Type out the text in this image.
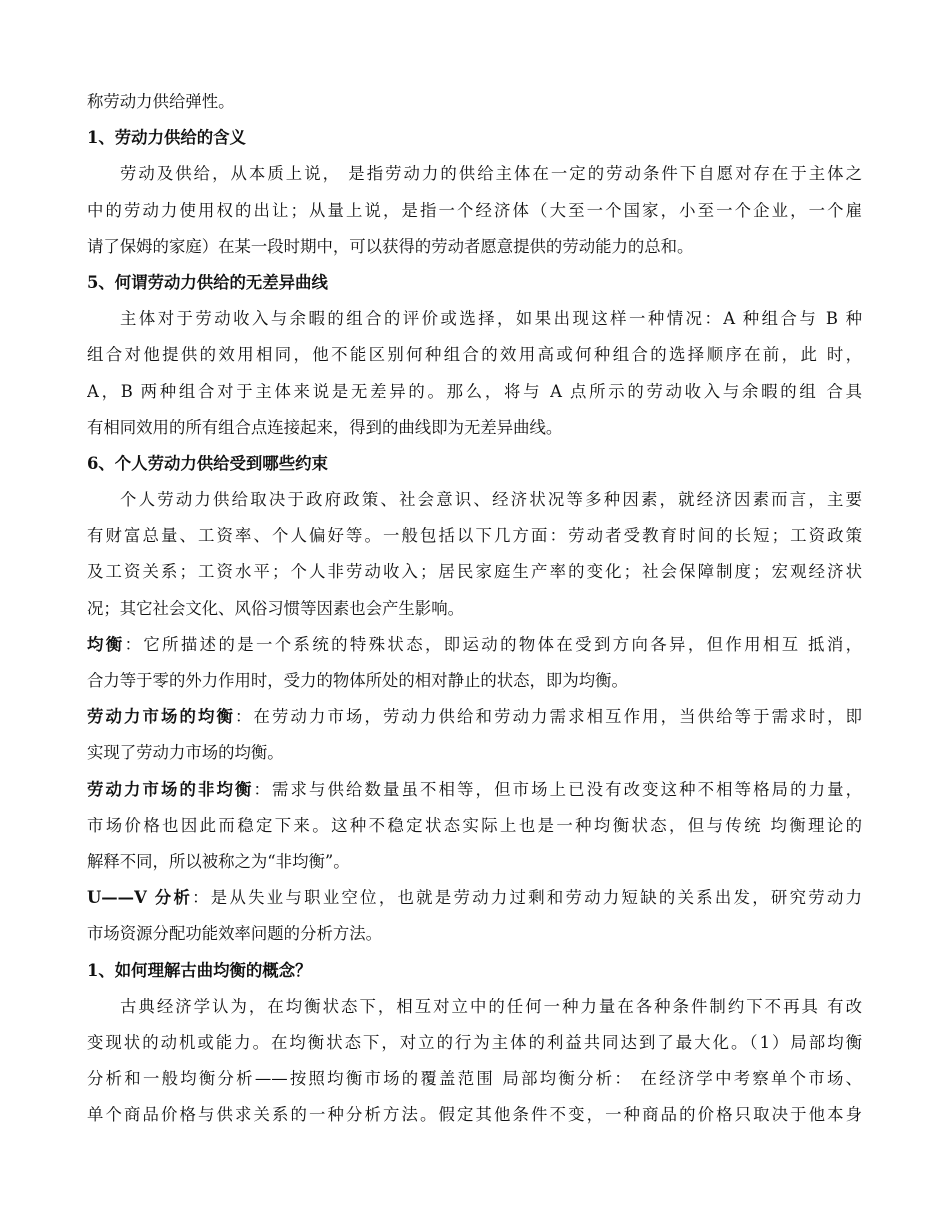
称劳动力供给弹性。
1、劳动力供给的含义
劳动及供给，从本质上说， 是指劳动力的供给主体在一定的劳动条件下自愿对存在于主体之
中的劳动力使用权的出让；从量上说，是指一个经济体（大至一个国家，小至一个企业，一个雇
请了保姆的家庭）在某一段时期中，可以获得的劳动者愿意提供的劳动能力的总和。
5、何谓劳动力供给的无差异曲线
主体对于劳动收入与余暇的组合的评价或选择，如果出现这样一种情况：A 种组合与 B 种
组合对他提供的效用相同，他不能区别何种组合的效用高或何种组合的选择顺序在前，此 时，
A，B 两种组合对于主体来说是无差异的。那么，将与 A 点所示的劳动收入与余暇的组 合具
有相同效用的所有组合点连接起来，得到的曲线即为无差异曲线。
6、个人劳动力供给受到哪些约束
个人劳动力供给取决于政府政策、社会意识、经济状况等多种因素，就经济因素而言，主要
有财富总量、工资率、个人偏好等。一般包括以下几方面：劳动者受教育时间的长短；工资政策
及工资关系；工资水平；个人非劳动收入；居民家庭生产率的变化；社会保障制度；宏观经济状
况；其它社会文化、风俗习惯等因素也会产生影响。
均衡：它所描述的是一个系统的特殊状态，即运动的物体在受到方向各异，但作用相互 抵消，
合力等于零的外力作用时，受力的物体所处的相对静止的状态，即为均衡。
劳动力市场的均衡：在劳动力市场，劳动力供给和劳动力需求相互作用，当供给等于需求时，即
实现了劳动力市场的均衡。
劳动力市场的非均衡：需求与供给数量虽不相等，但市场上已没有改变这种不相等格局的力量，
市场价格也因此而稳定下来。这种不稳定状态实际上也是一种均衡状态，但与传统 均衡理论的
解释不同，所以被称之为“非均衡”。
U——V 分析：是从失业与职业空位，也就是劳动力过剩和劳动力短缺的关系出发，研究劳动力
市场资源分配功能效率问题的分析方法。
1、如何理解古曲均衡的概念？
古典经济学认为，在均衡状态下，相互对立中的任何一种力量在各种条件制约下不再具 有改
变现状的动机或能力。在均衡状态下，对立的行为主体的利益共同达到了最大化。（1）局部均衡
分析和一般均衡分析——按照均衡市场的覆盖范围 局部均衡分析： 在经济学中考察单个市场、
单个商品价格与供求关系的一种分析方法。假定其他条件不变，一种商品的价格只取决于他本身
